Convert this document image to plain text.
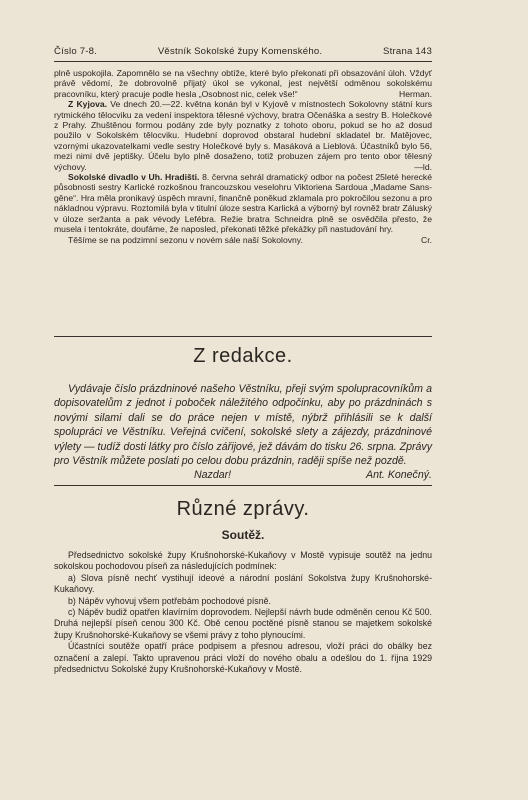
Číslo 7-8.	Věstník Sokolské župy Komenského.	Strana 143

plně uspokojila. Zapomnělo se na všechny obtíže, které bylo překonati při obsazování úloh. Vždyť právě vědomí, že dobrovolně přijatý úkol se vykonal, jest největší odměnou sokolskému pracovníku, který pracuje podle hesla „Osobnost nic, celek vše!“	Herman.

Z Kyjova. Ve dnech 20.—22. května konán byl v Kyjově v místnostech Sokolovny státní kurs rytmického tělocviku za vedení inspektora tělesné výchovy, bratra Očenáška a sestry B. Holečkové z Prahy. Zhuštěnou formou podány zde byly poznatky z tohoto oboru, pokud se ho až dosud použilo v Sokolském tělocviku. Hudební doprovod obstaral hudební skladatel br. Matějovec, vzornými ukazovatelkami vedle sestry Holečkové byly s. Masáková a Lieblová. Účastníků bylo 56, mezi nimi dvě jeptišky. Účelu bylo plně dosaženo, totiž probuzen zájem pro tento obor tělesný výchovy.	—ld.

Sokolské divadlo v Uh. Hradišti. 8. června sehrál dramatický odbor na počest 25leté herecké působnosti sestry Karlické rozkošnou francouzskou veselohru Viktoriena Sardoua „Madame Sans-gêne“. Hra měla pronikavý úspěch mravní, finančně poněkud zklamala pro pokročilou sezonu a pro nákladnou výpravu. Roztomilá byla v titulní úloze sestra Karlická a výborný byl rovněž bratr Záluský v úloze seržanta a pak vévody Lefébra. Režie bratra Schneidra plně se osvědčila přesto, že musela i tentokráte, doufáme, že naposled, překonati těžké překážky při nastudování hry.

Těšíme se na podzimní sezonu v novém sále naší Sokolovny.	Cr.

Z redakce.

Vydávaje číslo prázdninové našeho Věstníku, přeji svým spolupracovníkům a dopisovatelům z jednot i poboček náležitého odpočinku, aby po prázdninách s novými silami dali se do práce nejen v místě, nýbrž přihlásili se k další spolupráci ve Věstníku. Veřejná cvičení, sokolské slety a zájezdy, prázdninové výlety — tudíž dosti látky pro číslo zářijové, jež dávám do tisku 26. srpna. Zprávy pro Věstník můžete poslati po celou dobu prázdnin, raději spíše než pozdě.

Nazdar!	Ant. Konečný.
Různé zprávy.
Soutěž.

Předsednictvo sokolské župy Krušnohorské-Kukaňovy v Mostě vypisuje soutěž na jednu sokolskou pochodovou píseň za následujících podmínek:

a) Slova písně nechť vystihují ideové a národní poslání Sokolstva župy Krušnohorské-Kukaňovy.

b) Nápěv vyhovuj všem potřebám pochodové písně.

c) Nápěv budiž opatřen klavírním doprovodem. Nejlepší návrh bude odměněn cenou Kč 500. Druhá nejlepší píseň cenou 300 Kč. Obě cenou poctěné písně stanou se majetkem sokolské župy Krušnohorské-Kukaňovy se všemi právy z toho plynoucími.

Účastníci soutěže opatří práce podpisem a přesnou adresou, vloží práci do obálky bez označení a zalepí. Takto upravenou práci vloží do nového obalu a odešlou do 1. října 1929 předsednictvu Sokolské župy Krušnohorské-Kukaňovy v Mostě.
